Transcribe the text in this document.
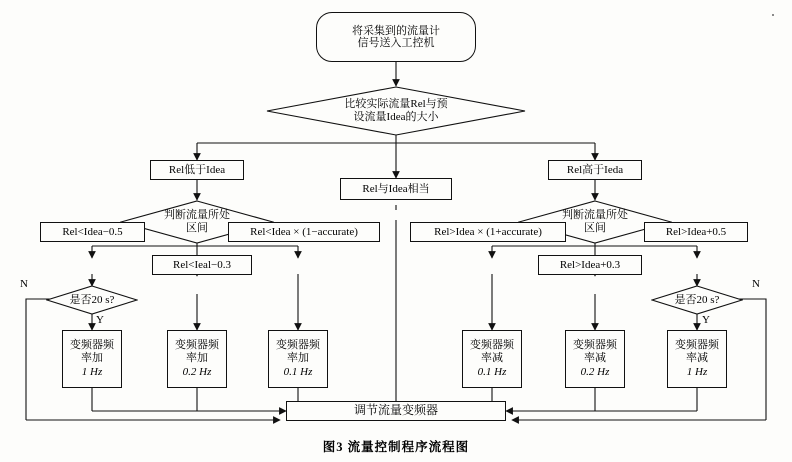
将采集到的流量计
信号送入工控机
比较实际流量Rel与预
设流量Idea的大小
Rel低于Idea
Rel与Idea相当
Rel高于Ieda
判断流量所处
区间
判断流量所处
区间
Rel<Idea−0.5	Rel<Idea × (1−accurate)
Rel<Ieal−0.3
Rel>Idea × (1+accurate)
Rel>Idea+0.3
Rel>Idea+0.5
是否20 s?	是否20 s?
N
Y
N
Y
变频器频
率加
1 Hz
变频器频
率加
0.2 Hz
变频器频
率加
0.1 Hz
变频器频
率减
0.1 Hz
变频器频
率减
0.2 Hz
变频器频
率减
1 Hz
调节流量变频器
图3 流量控制程序流程图
